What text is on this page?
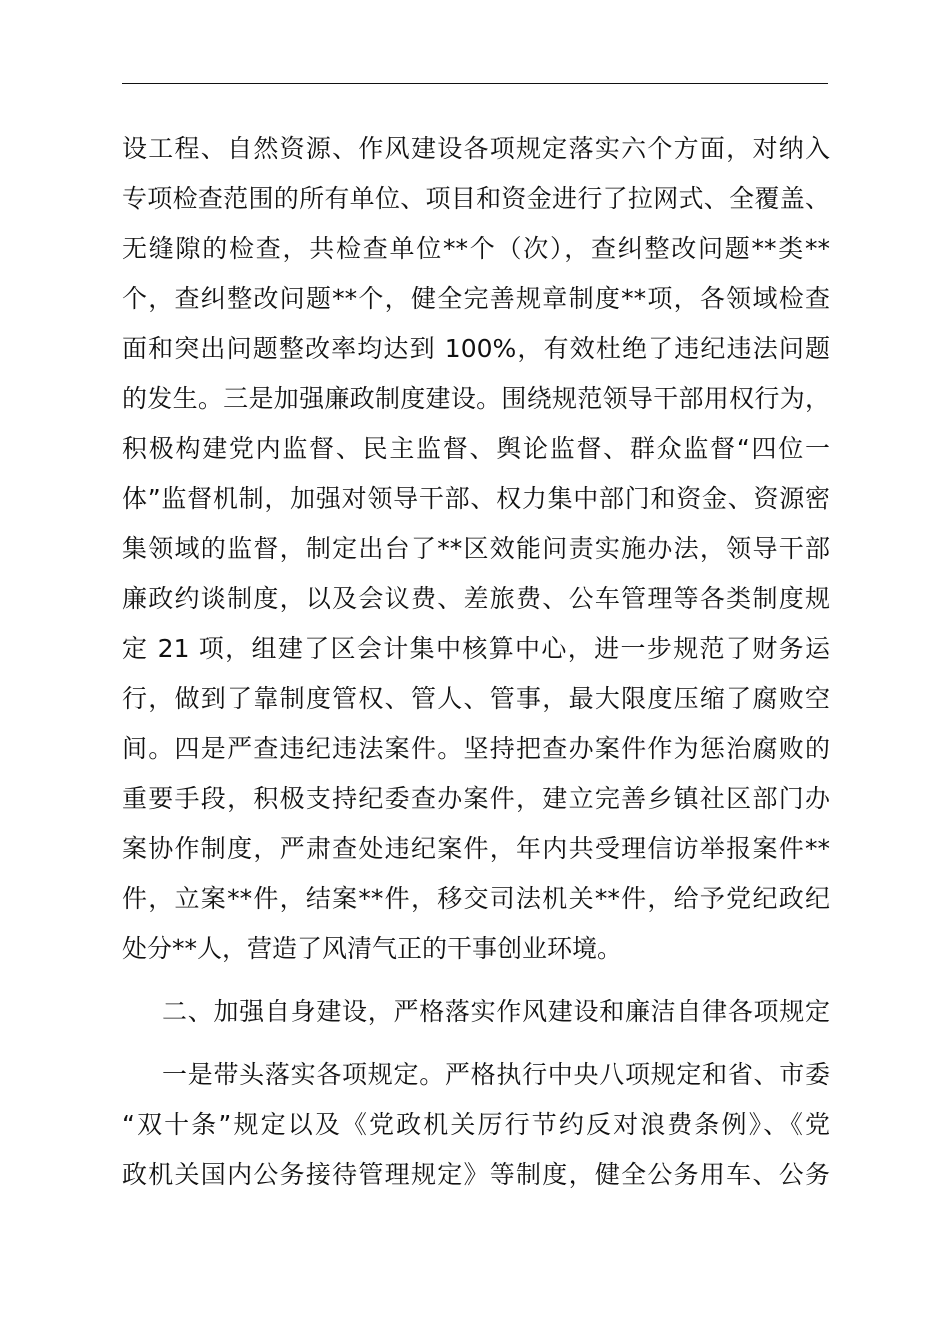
设工程、自然资源、作风建设各项规定落实六个方面，对纳入
专项检查范围的所有单位、项目和资金进行了拉网式、全覆盖、
无缝隙的检查，共检查单位**个（次），查纠整改问题**类**
个，查纠整改问题**个，健全完善规章制度**项，各领域检查
面和突出问题整改率均达到 100%，有效杜绝了违纪违法问题
的发生。三是加强廉政制度建设。围绕规范领导干部用权行为，
积极构建党内监督、民主监督、舆论监督、群众监督“四位一
体”监督机制，加强对领导干部、权力集中部门和资金、资源密
集领域的监督，制定出台了**区效能问责实施办法，领导干部
廉政约谈制度，以及会议费、差旅费、公车管理等各类制度规
定 21 项，组建了区会计集中核算中心，进一步规范了财务运
行，做到了靠制度管权、管人、管事，最大限度压缩了腐败空
间。四是严查违纪违法案件。坚持把查办案件作为惩治腐败的
重要手段，积极支持纪委查办案件，建立完善乡镇社区部门办
案协作制度，严肃查处违纪案件，年内共受理信访举报案件**
件，立案**件，结案**件，移交司法机关**件，给予党纪政纪
处分**人，营造了风清气正的干事创业环境。
二、加强自身建设，严格落实作风建设和廉洁自律各项规定
一是带头落实各项规定。严格执行中央八项规定和省、市委
“双十条”规定以及《党政机关厉行节约反对浪费条例》、《党
政机关国内公务接待管理规定》等制度，健全公务用车、公务
